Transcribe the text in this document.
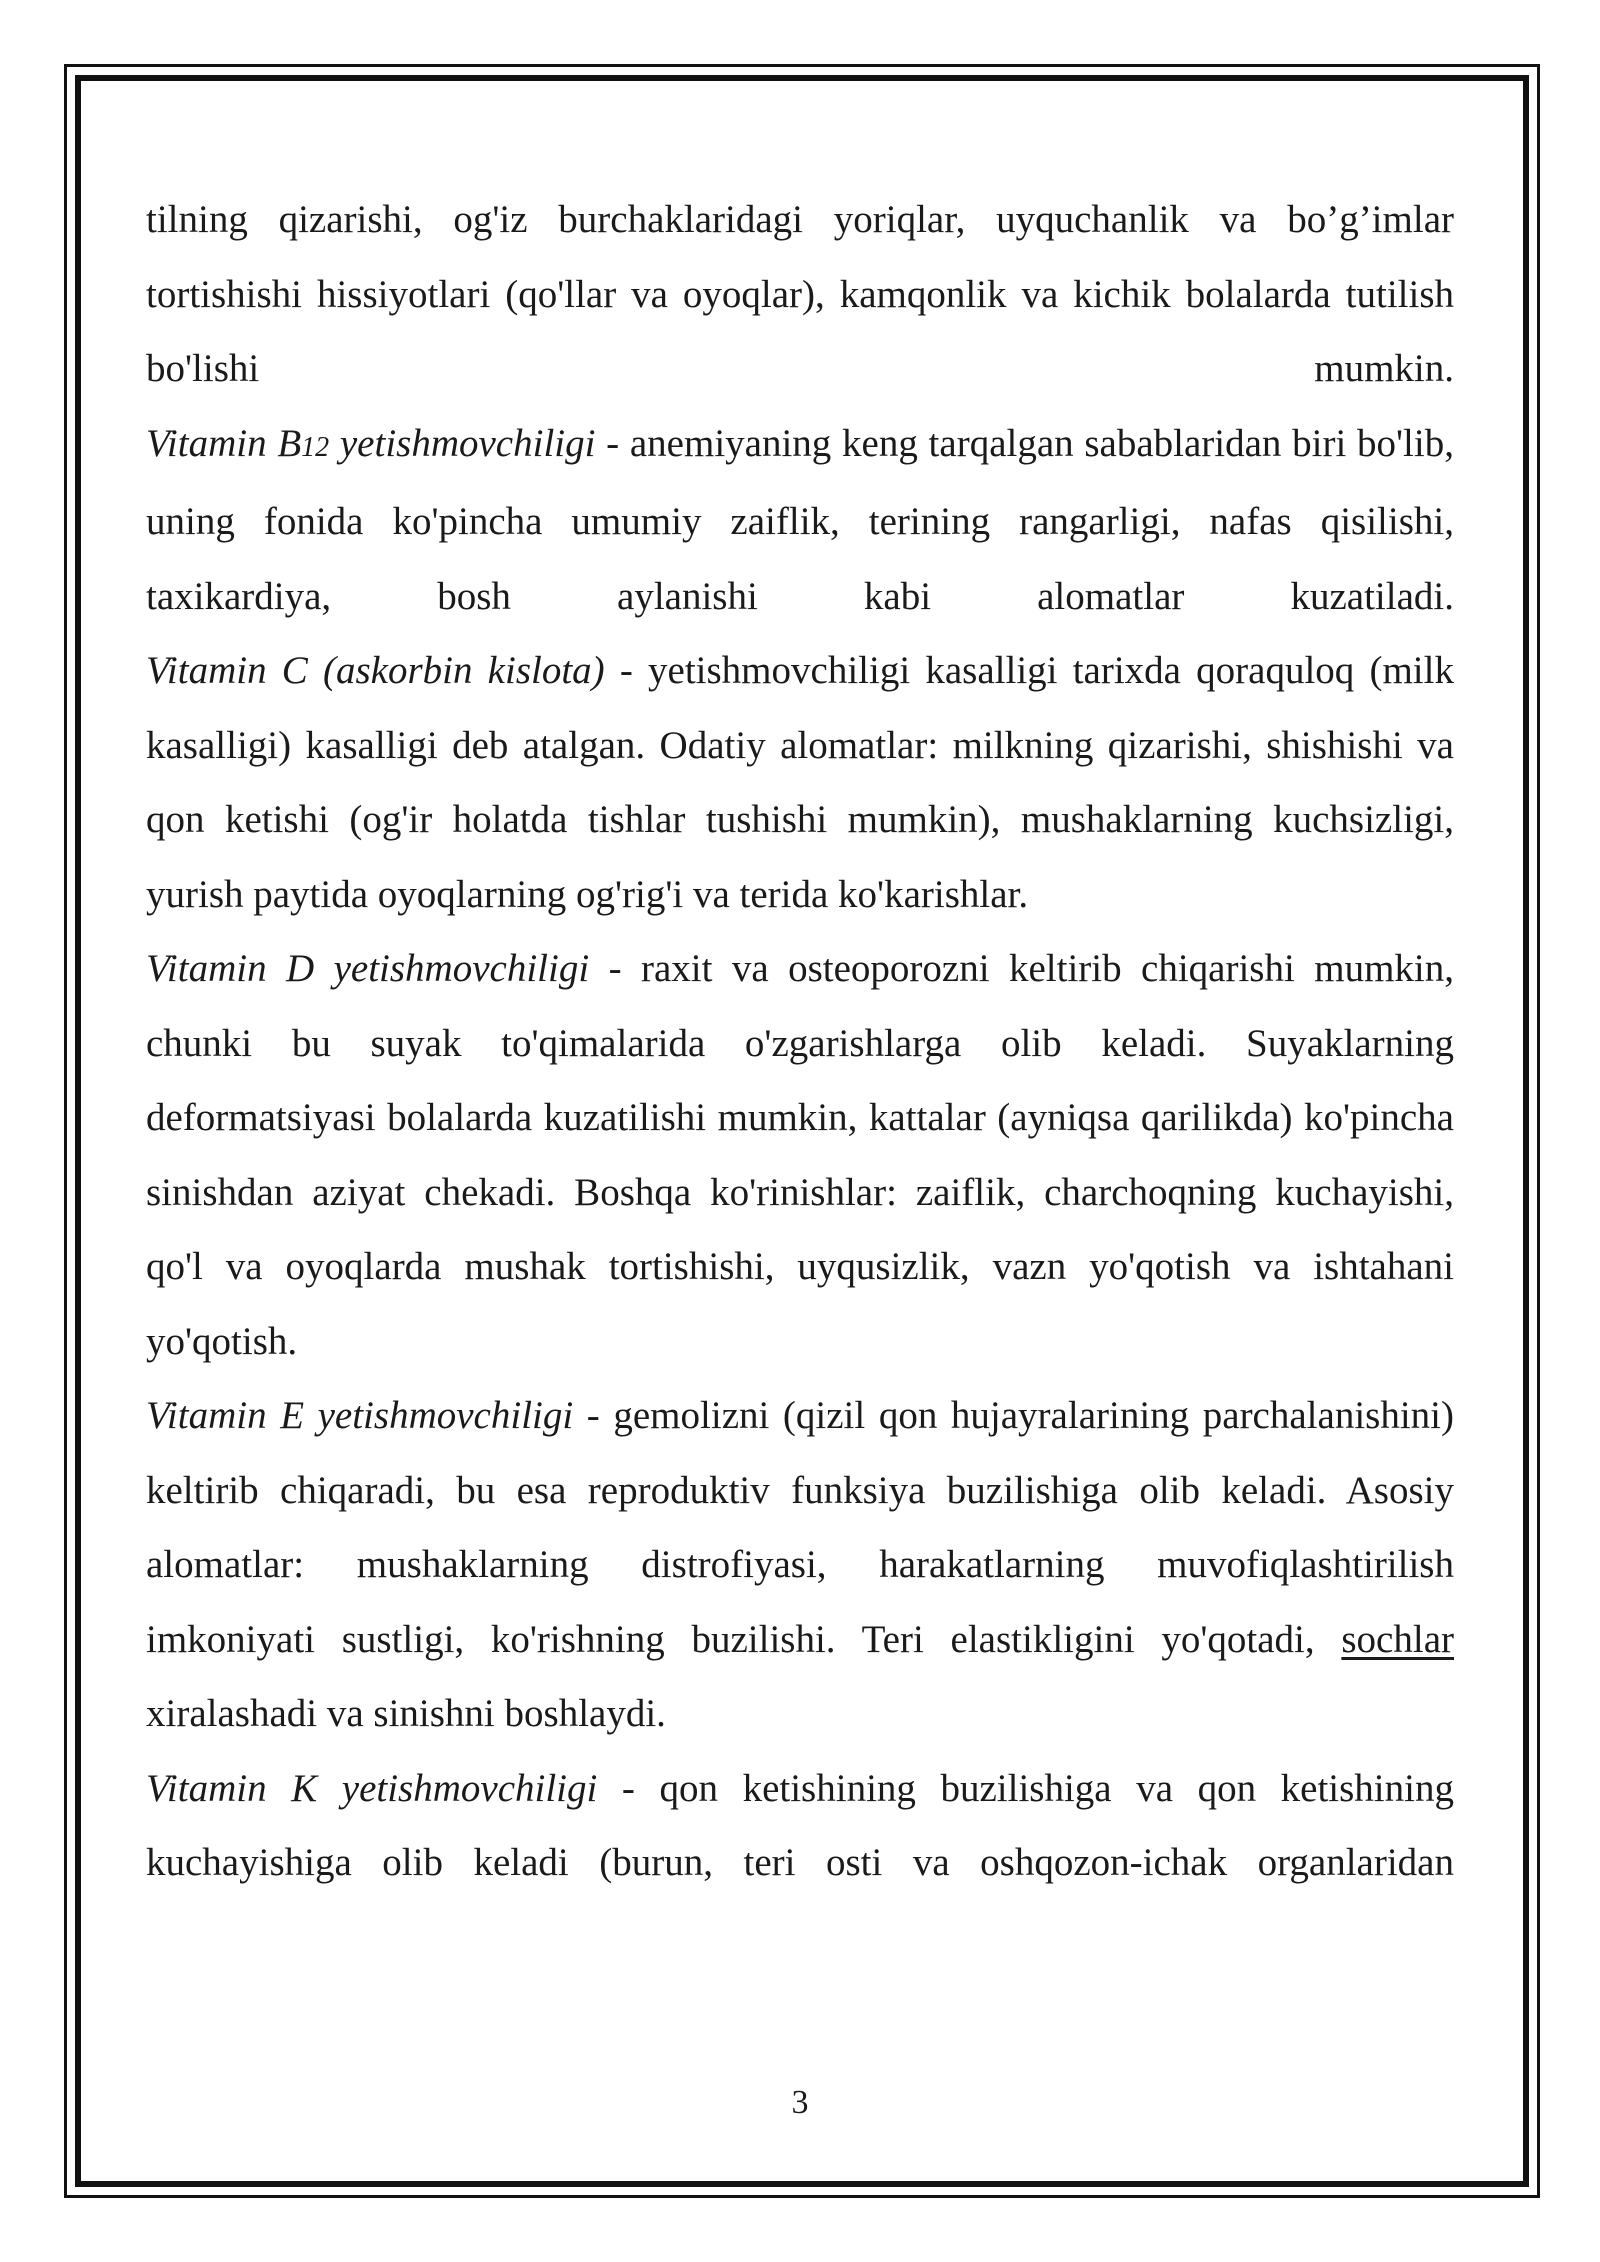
tilning qizarishi, og'iz burchaklaridagi yoriqlar, uyquchanlik va bo’g’imlar tortishishi hissiyotlari (qo'llar va oyoqlar), kamqonlik va kichik bolalarda tutilish bo'lishi mumkin.

Vitamin B12 yetishmovchiligi - anemiyaning keng tarqalgan sabablaridan biri bo'lib, uning fonida ko'pincha umumiy zaiflik, terining rangarligi, nafas qisilishi, taxikardiya, bosh aylanishi kabi alomatlar kuzatiladi.

Vitamin C (askorbin kislota) - yetishmovchiligi kasalligi tarixda qoraquloq (milk kasalligi) kasalligi deb atalgan. Odatiy alomatlar: milkning qizarishi, shishishi va qon ketishi (og'ir holatda tishlar tushishi mumkin), mushaklarning kuchsizligi, yurish paytida oyoqlarning og'rig'i va terida ko'karishlar.

Vitamin D yetishmovchiligi - raxit va osteoporozni keltirib chiqarishi mumkin, chunki bu suyak to'qimalarida o'zgarishlarga olib keladi. Suyaklarning deformatsiyasi bolalarda kuzatilishi mumkin, kattalar (ayniqsa qarilikda) ko'pincha sinishdan aziyat chekadi. Boshqa ko'rinishlar: zaiflik, charchoqning kuchayishi, qo'l va oyoqlarda mushak tortishishi, uyqusizlik, vazn yo'qotish va ishtahani yo'qotish.

Vitamin E yetishmovchiligi - gemolizni (qizil qon hujayralarining parchalanishini) keltirib chiqaradi, bu esa reproduktiv funksiya buzilishiga olib keladi. Asosiy alomatlar: mushaklarning distrofiyasi, harakatlarning muvofiqlashtirilish imkoniyati sustligi, ko'rishning buzilishi. Teri elastikligini yo'qotadi, sochlar xiralashadi va sinishni boshlaydi.

Vitamin K yetishmovchiligi - qon ketishining buzilishiga va qon ketishining kuchayishiga olib keladi (burun, teri osti va oshqozon-ichak organlaridan

3
